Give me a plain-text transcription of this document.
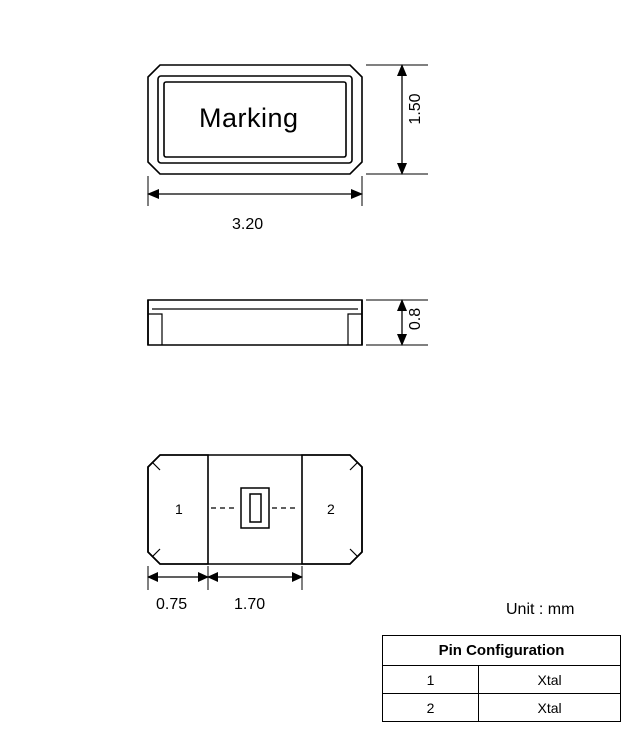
Marking	1.50
3.20
0.8
1	2
0.75	1.70	Unit : mm
Pin Configuration	
1	Xtal
2	Xtal
